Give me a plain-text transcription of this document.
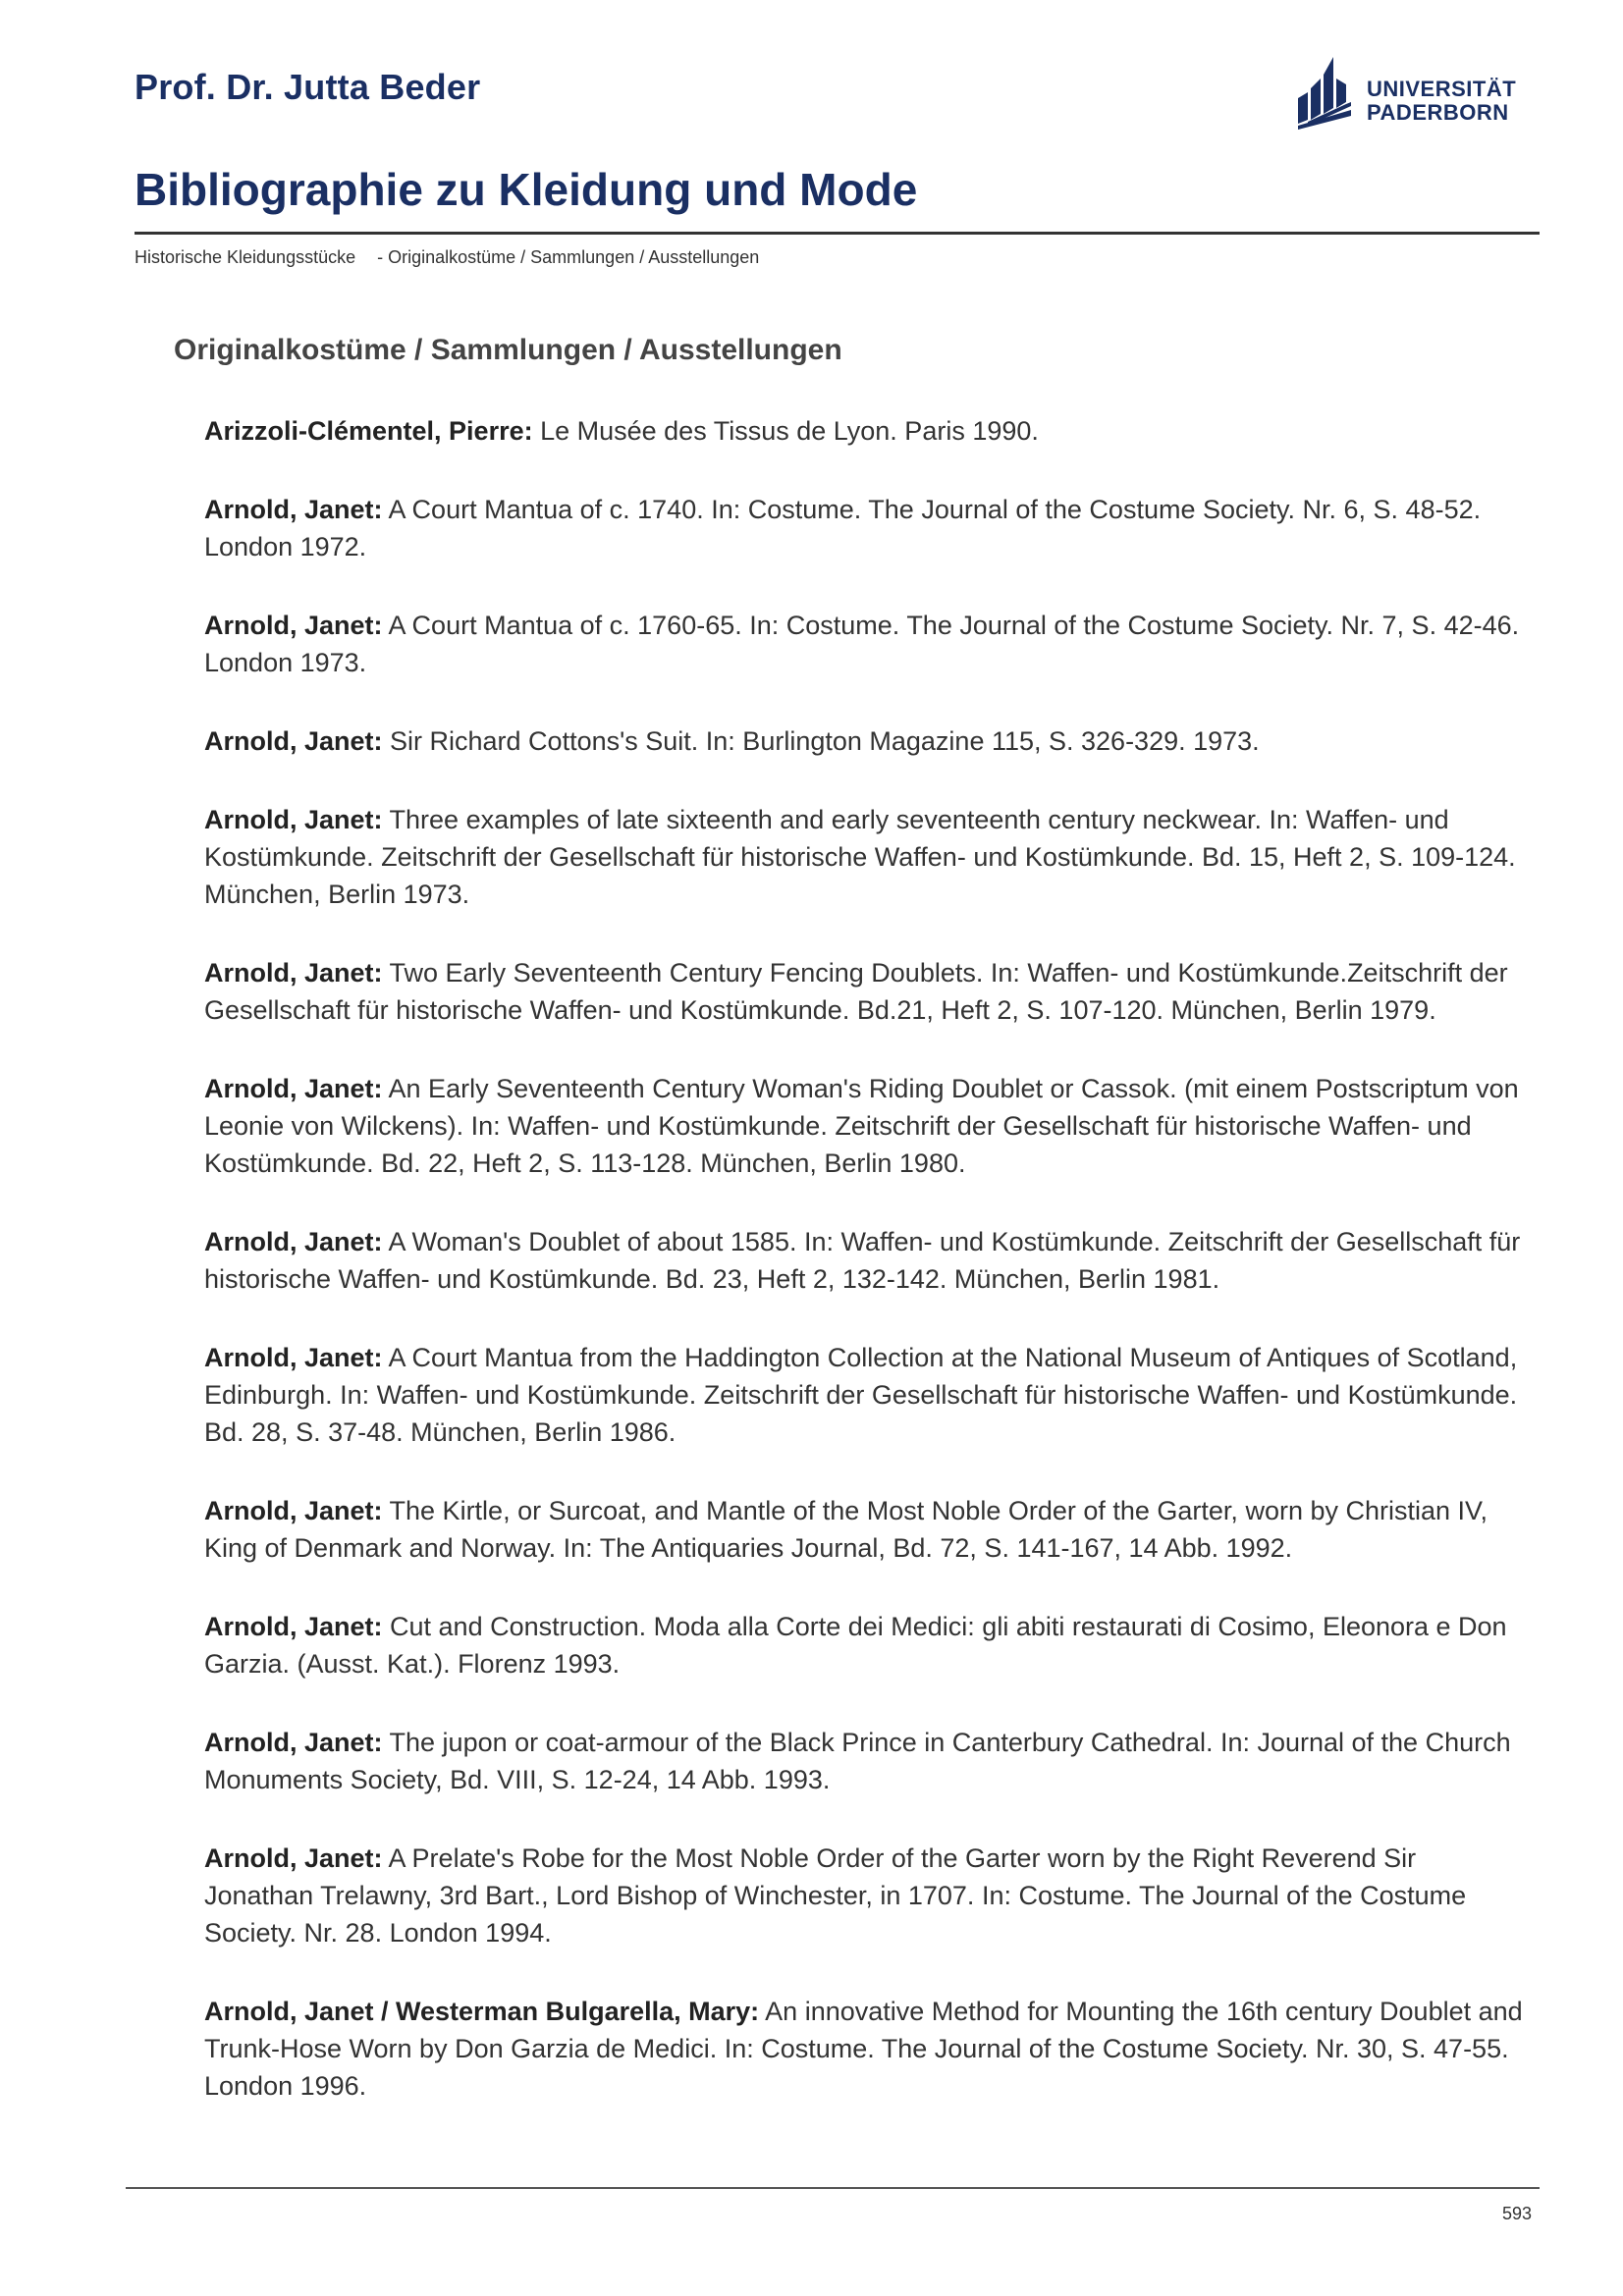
Prof. Dr. Jutta Beder	UNIVERSITÄT
PADERBORN
Bibliographie zu Kleidung und Mode
Historische Kleidungsstücke - Originalkostüme / Sammlungen / Ausstellungen
Originalkostüme / Sammlungen / Ausstellungen
Arizzoli-Clémentel, Pierre: Le Musée des Tissus de Lyon. Paris 1990.
Arnold, Janet: A Court Mantua of c. 1740. In: Costume. The Journal of the Costume Society. Nr. 6, S. 48-52. London 1972.
Arnold, Janet: A Court Mantua of c. 1760-65. In: Costume. The Journal of the Costume Society. Nr. 7, S. 42-46. London 1973.
Arnold, Janet: Sir Richard Cottons's Suit. In: Burlington Magazine 115, S. 326-329. 1973.
Arnold, Janet: Three examples of late sixteenth and early seventeenth century neckwear. In: Waffen- und Kostümkunde. Zeitschrift der Gesellschaft für historische Waffen- und Kostümkunde. Bd. 15, Heft 2, S. 109-124. München, Berlin 1973.
Arnold, Janet: Two Early Seventeenth Century Fencing Doublets. In: Waffen- und Kostümkunde.Zeitschrift der Gesellschaft für historische Waffen- und Kostümkunde. Bd.21, Heft 2, S. 107-120. München, Berlin 1979.
Arnold, Janet: An Early Seventeenth Century Woman's Riding Doublet or Cassok. (mit einem Postscriptum von Leonie von Wilckens). In: Waffen- und Kostümkunde. Zeitschrift der Gesellschaft für historische Waffen- und Kostümkunde. Bd. 22, Heft 2, S. 113-128. München, Berlin 1980.
Arnold, Janet: A Woman's Doublet of about 1585. In: Waffen- und Kostümkunde. Zeitschrift der Gesellschaft für historische Waffen- und Kostümkunde. Bd. 23, Heft 2, 132-142. München, Berlin 1981.
Arnold, Janet: A Court Mantua from the Haddington Collection at the National Museum of Antiques of Scotland, Edinburgh. In: Waffen- und Kostümkunde. Zeitschrift der Gesellschaft für historische Waffen- und Kostümkunde. Bd. 28, S. 37-48. München, Berlin 1986.
Arnold, Janet: The Kirtle, or Surcoat, and Mantle of the Most Noble Order of the Garter, worn by Christian IV, King of Denmark and Norway. In: The Antiquaries Journal, Bd. 72, S. 141-167, 14 Abb. 1992.
Arnold, Janet: Cut and Construction. Moda alla Corte dei Medici: gli abiti restaurati di Cosimo, Eleonora e Don Garzia. (Ausst. Kat.). Florenz 1993.
Arnold, Janet: The jupon or coat-armour of the Black Prince in Canterbury Cathedral. In: Journal of the Church Monuments Society, Bd. VIII, S. 12-24, 14 Abb. 1993.
Arnold, Janet: A Prelate's Robe for the Most Noble Order of the Garter worn by the Right Reverend Sir Jonathan Trelawny, 3rd Bart., Lord Bishop of Winchester, in 1707. In: Costume. The Journal of the Costume Society. Nr. 28. London 1994.
Arnold, Janet / Westerman Bulgarella, Mary: An innovative Method for Mounting the 16th century Doublet and Trunk-Hose Worn by Don Garzia de Medici. In: Costume. The Journal of the Costume Society. Nr. 30, S. 47-55. London 1996.
593
